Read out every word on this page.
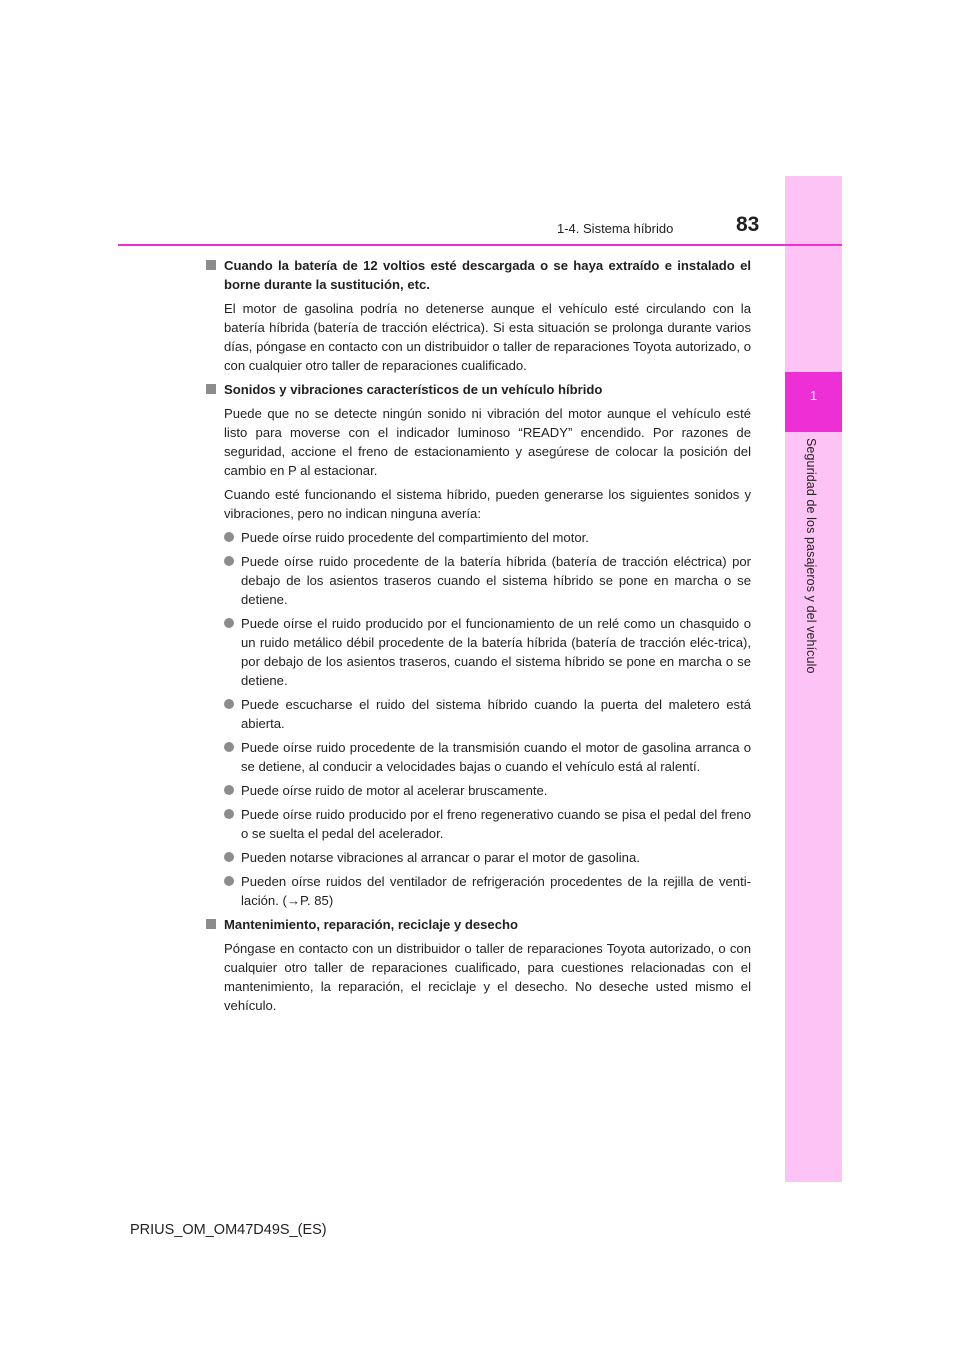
1
Seguridad de los pasajeros y del vehículo
1-4. Sistema híbrido	83
Cuando la batería de 12 voltios esté descargada o se haya extraído e instalado el borne durante la sustitución, etc.

El motor de gasolina podría no detenerse aunque el vehículo esté circulando con la batería híbrida (batería de tracción eléctrica). Si esta situación se prolonga durante varios días, póngase en contacto con un distribuidor o taller de reparaciones Toyota autorizado, o con cualquier otro taller de reparaciones cualificado.

Sonidos y vibraciones característicos de un vehículo híbrido

Puede que no se detecte ningún sonido ni vibración del motor aunque el vehículo esté listo para moverse con el indicador luminoso “READY” encendido. Por razones de seguridad, accione el freno de estacionamiento y asegúrese de colocar la posición del cambio en P al estacionar.

Cuando esté funcionando el sistema híbrido, pueden generarse los siguientes sonidos y vibraciones, pero no indican ninguna avería:

Puede oírse ruido procedente del compartimiento del motor.
Puede oírse ruido procedente de la batería híbrida (batería de tracción eléctrica) por debajo de los asientos traseros cuando el sistema híbrido se pone en marcha o se detiene.
Puede oírse el ruido producido por el funcionamiento de un relé como un chasquido o un ruido metálico débil procedente de la batería híbrida (batería de tracción eléc-trica), por debajo de los asientos traseros, cuando el sistema híbrido se pone en marcha o se detiene.
Puede escucharse el ruido del sistema híbrido cuando la puerta del maletero está abierta.
Puede oírse ruido procedente de la transmisión cuando el motor de gasolina arranca o se detiene, al conducir a velocidades bajas o cuando el vehículo está al ralentí.
Puede oírse ruido de motor al acelerar bruscamente.
Puede oírse ruido producido por el freno regenerativo cuando se pisa el pedal del freno o se suelta el pedal del acelerador.
Pueden notarse vibraciones al arrancar o parar el motor de gasolina.
Pueden oírse ruidos del ventilador de refrigeración procedentes de la rejilla de venti-lación. (→P. 85)
Mantenimiento, reparación, reciclaje y desecho

Póngase en contacto con un distribuidor o taller de reparaciones Toyota autorizado, o con cualquier otro taller de reparaciones cualificado, para cuestiones relacionadas con el mantenimiento, la reparación, el reciclaje y el desecho. No deseche usted mismo el vehículo.

PRIUS_OM_OM47D49S_(ES)
